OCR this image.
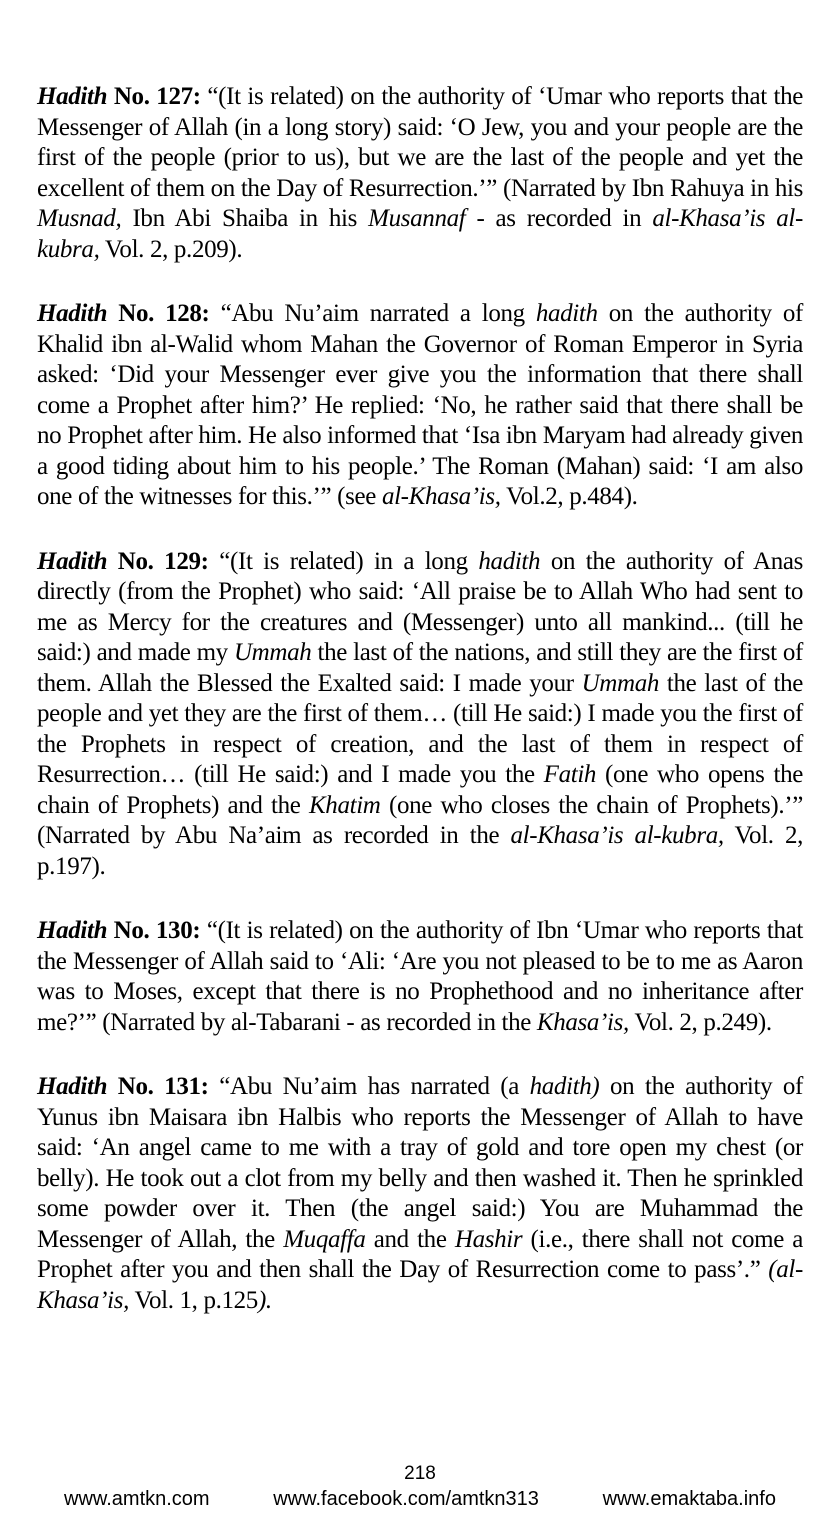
Hadith No. 127: “(It is related) on the authority of ‘Umar who reports that the Messenger of Allah (in a long story) said: ‘O Jew, you and your people are the first of the people (prior to us), but we are the last of the people and yet the excellent of them on the Day of Resurrection.’” (Narrated by Ibn Rahuya in his Musnad, Ibn Abi Shaiba in his Musannaf - as recorded in al-Khasa’is al-kubra, Vol. 2, p.209).

Hadith No. 128: “Abu Nu’aim narrated a long hadith on the authority of Khalid ibn al-Walid whom Mahan the Governor of Roman Emperor in Syria asked: ‘Did your Messenger ever give you the information that there shall come a Prophet after him?’ He replied: ‘No, he rather said that there shall be no Prophet after him. He also informed that ‘Isa ibn Maryam had already given a good tiding about him to his people.’ The Roman (Mahan) said: ‘I am also one of the witnesses for this.’” (see al-Khasa’is, Vol.2, p.484).

Hadith No. 129: “(It is related) in a long hadith on the authority of Anas directly (from the Prophet) who said: ‘All praise be to Allah Who had sent to me as Mercy for the creatures and (Messenger) unto all mankind... (till he said:) and made my Ummah the last of the nations, and still they are the first of them. Allah the Blessed the Exalted said: I made your Ummah the last of the people and yet they are the first of them… (till He said:) I made you the first of the Prophets in respect of creation, and the last of them in respect of Resurrection… (till He said:) and I made you the Fatih (one who opens the chain of Prophets) and the Khatim (one who closes the chain of Prophets).’” (Narrated by Abu Na’aim as recorded in the al-Khasa’is al-kubra, Vol. 2, p.197).

Hadith No. 130: “(It is related) on the authority of Ibn ‘Umar who reports that the Messenger of Allah said to ‘Ali: ‘Are you not pleased to be to me as Aaron was to Moses, except that there is no Prophethood and no inheritance after me?’” (Narrated by al-Tabarani - as recorded in the Khasa’is, Vol. 2, p.249).

Hadith No. 131: “Abu Nu’aim has narrated (a hadith) on the authority of Yunus ibn Maisara ibn Halbis who reports the Messenger of Allah to have said: ‘An angel came to me with a tray of gold and tore open my chest (or belly). He took out a clot from my belly and then washed it. Then he sprinkled some powder over it. Then (the angel said:) You are Muhammad the Messenger of Allah, the Muqaffa and the Hashir (i.e., there shall not come a Prophet after you and then shall the Day of Resurrection come to pass’.” (al-Khasa’is, Vol. 1, p.125).

218
www.amtkn.com	www.facebook.com/amtkn313	www.emaktaba.info
